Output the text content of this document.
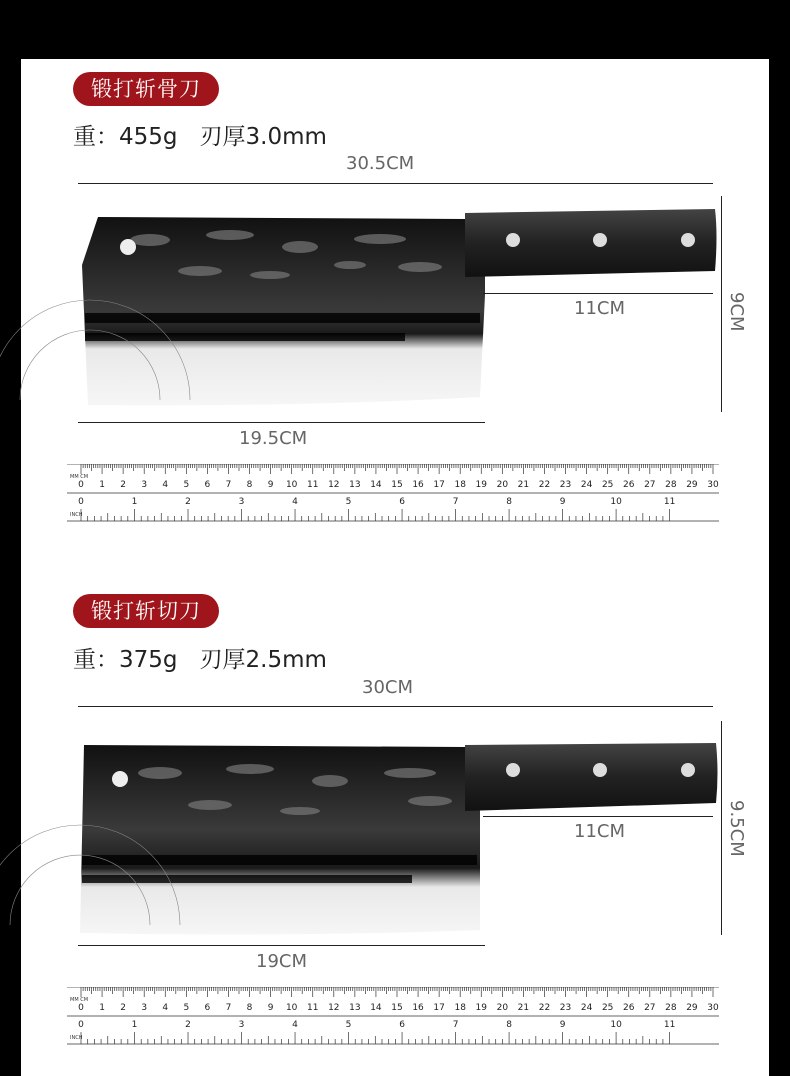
锻打斩骨刀
重：455g 刃厚3.0mm
30.5CM
11CM	9CM
19.5CM
0 1 2 3 4 5 6 7 8 9 10 11 12 13 14 15 16 17 18 19 20 21 22 23 24 25 26 27 28 29 30
0	1	2	3	4	5	6	7	8	9	10	11
MM CM
INCH
锻打斩切刀
重：375g 刃厚2.5mm
30CM
11CM	9.5CM
19CM
0 1 2 3 4 5 6 7 8 9 10 11 12 13 14 15 16 17 18 19 20 21 22 23 24 25 26 27 28 29 30
0	1	2	3	4	5	6	7	8	9	10	11
MM CM
INCH
